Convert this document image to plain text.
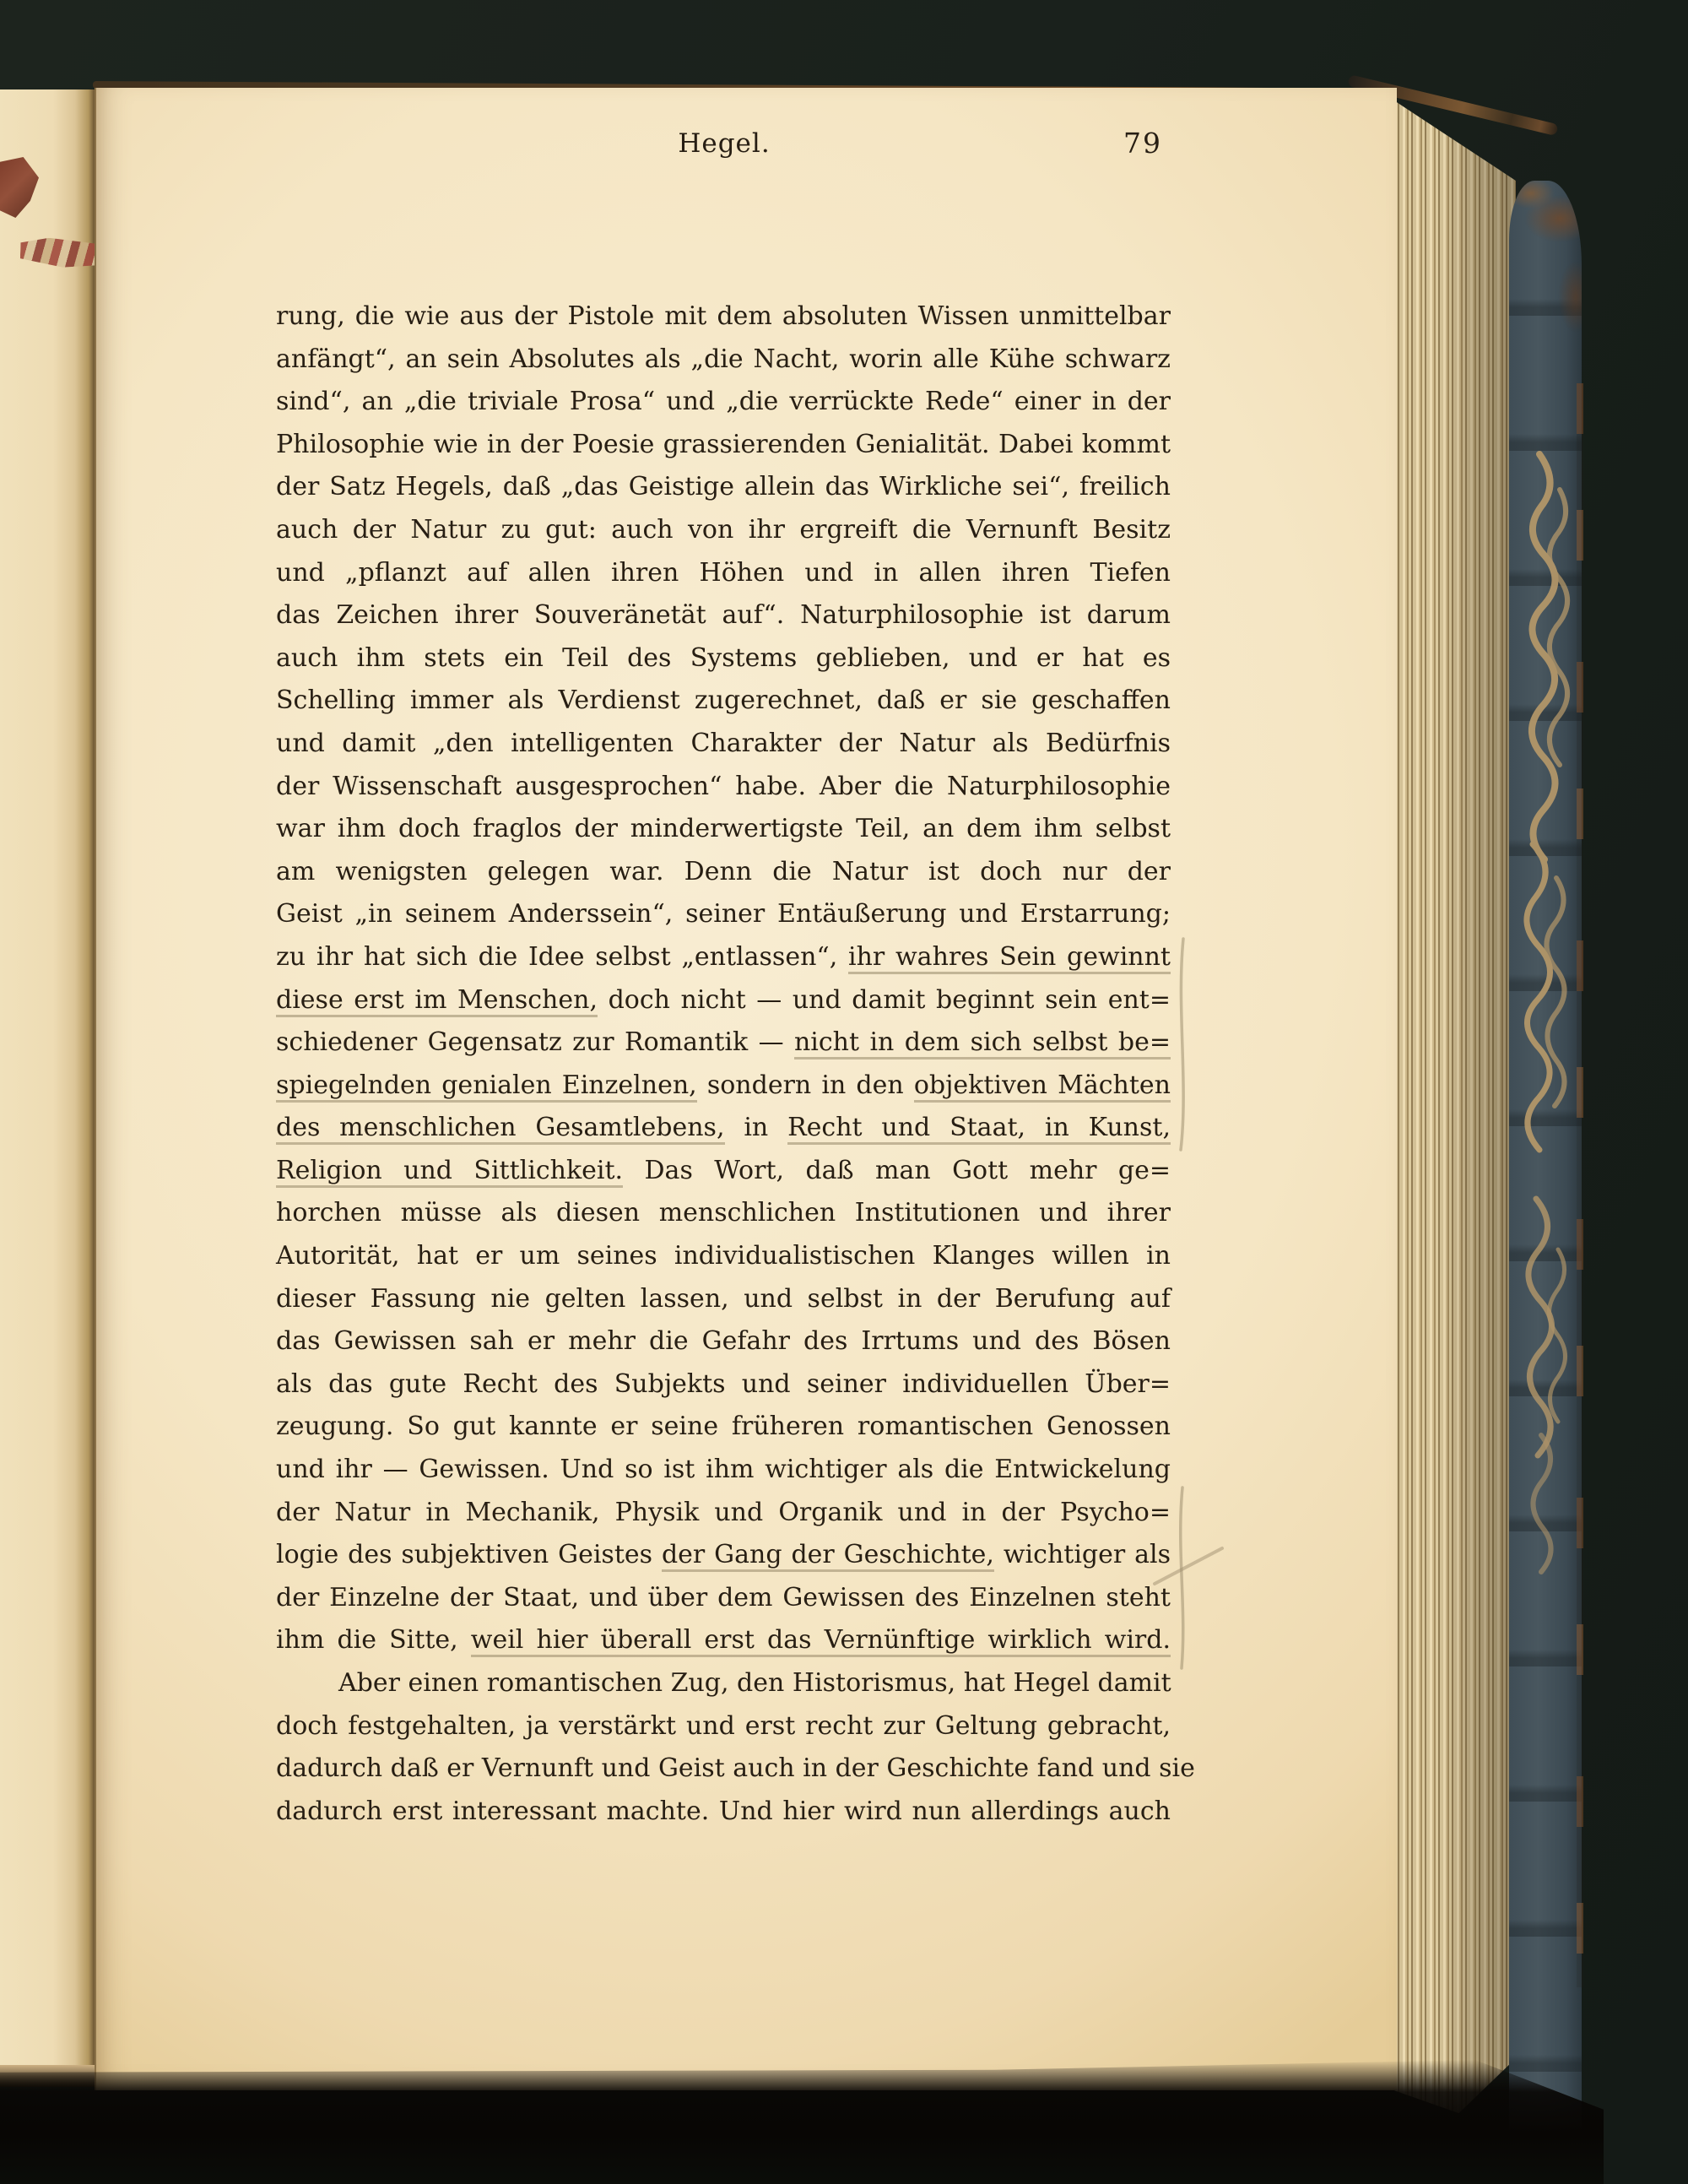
Hegel.	79
rung, die wie aus der Pistole mit dem absoluten Wissen unmittelbar
anfängt“, an sein Absolutes als „die Nacht, worin alle Kühe schwarz
sind“, an „die triviale Prosa“ und „die verrückte Rede“ einer in der
Philosophie wie in der Poesie grassierenden Genialität. Dabei kommt
der Satz Hegels, daß „das Geistige allein das Wirkliche sei“, freilich
auch der Natur zu gut: auch von ihr ergreift die Vernunft Besitz
und „pflanzt auf allen ihren Höhen und in allen ihren Tiefen
das Zeichen ihrer Souveränetät auf“. Naturphilosophie ist darum
auch ihm stets ein Teil des Systems geblieben, und er hat es
Schelling immer als Verdienst zugerechnet, daß er sie geschaffen
und damit „den intelligenten Charakter der Natur als Bedürfnis
der Wissenschaft ausgesprochen“ habe. Aber die Naturphilosophie
war ihm doch fraglos der minderwertigste Teil, an dem ihm selbst
am wenigsten gelegen war. Denn die Natur ist doch nur der
Geist „in seinem Anderssein“, seiner Entäußerung und Erstarrung;
zu ihr hat sich die Idee selbst „entlassen“, ihr wahres Sein gewinnt
diese erst im Menschen, doch nicht — und damit beginnt sein ent=
schiedener Gegensatz zur Romantik — nicht in dem sich selbst be=
spiegelnden genialen Einzelnen, sondern in den objektiven Mächten
des menschlichen Gesamtlebens, in Recht und Staat, in Kunst,
Religion und Sittlichkeit. Das Wort, daß man Gott mehr ge=
horchen müsse als diesen menschlichen Institutionen und ihrer
Autorität, hat er um seines individualistischen Klanges willen in
dieser Fassung nie gelten lassen, und selbst in der Berufung auf
das Gewissen sah er mehr die Gefahr des Irrtums und des Bösen
als das gute Recht des Subjekts und seiner individuellen Über=
zeugung. So gut kannte er seine früheren romantischen Genossen
und ihr — Gewissen. Und so ist ihm wichtiger als die Entwickelung
der Natur in Mechanik, Physik und Organik und in der Psycho=
logie des subjektiven Geistes der Gang der Geschichte, wichtiger als
der Einzelne der Staat, und über dem Gewissen des Einzelnen steht
ihm die Sitte, weil hier überall erst das Vernünftige wirklich wird.
Aber einen romantischen Zug, den Historismus, hat Hegel damit
doch festgehalten, ja verstärkt und erst recht zur Geltung gebracht,
dadurch daß er Vernunft und Geist auch in der Geschichte fand und sie
dadurch erst interessant machte. Und hier wird nun allerdings auch
